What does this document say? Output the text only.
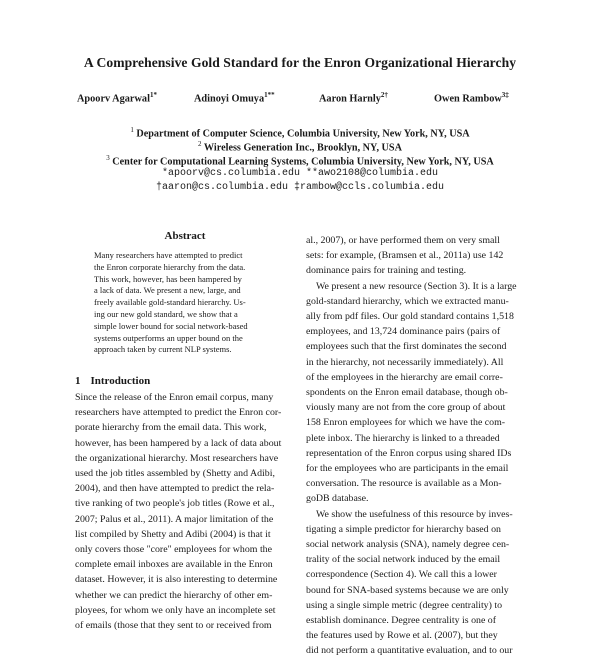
A Comprehensive Gold Standard for the Enron Organizational Hierarchy
Apoorv Agarwal$^{1*}$	Adinoyi Omuya$^{1**}$	Aaron Harnly$^{2\dagger}$	Owen Rambow$^{3\ddagger}$
$^1$ Department of Computer Science, Columbia University, New York, NY, USA
$^2$ Wireless Generation Inc., Brooklyn, NY, USA
$^3$ Center for Computational Learning Systems, Columbia University, New York, NY, USA
*apoorv@cs.columbia.edu **awo2108@columbia.edu
†aaron@cs.columbia.edu ‡rambow@ccls.columbia.edu
Abstract
Many researchers have attempted to predict
the Enron corporate hierarchy from the data.
This work, however, has been hampered by
a lack of data. We present a new, large, and
freely available gold-standard hierarchy. Us-
ing our new gold standard, we show that a
simple lower bound for social network-based
systems outperforms an upper bound on the
approach taken by current NLP systems.
1 Introduction
Since the release of the Enron email corpus, many
researchers have attempted to predict the Enron cor-
porate hierarchy from the email data. This work,
however, has been hampered by a lack of data about
the organizational hierarchy. Most researchers have
used the job titles assembled by (Shetty and Adibi,
2004), and then have attempted to predict the rela-
tive ranking of two people's job titles (Rowe et al.,
2007; Palus et al., 2011). A major limitation of the
list compiled by Shetty and Adibi (2004) is that it
only covers those "core" employees for whom the
complete email inboxes are available in the Enron
dataset. However, it is also interesting to determine
whether we can predict the hierarchy of other em-
ployees, for whom we only have an incomplete set
of emails (those that they sent to or received from
al., 2007), or have performed them on very small
sets: for example, (Bramsen et al., 2011a) use 142
dominance pairs for training and testing.
We present a new resource (Section 3). It is a large
gold-standard hierarchy, which we extracted manu-
ally from pdf files. Our gold standard contains 1,518
employees, and 13,724 dominance pairs (pairs of
employees such that the first dominates the second
in the hierarchy, not necessarily immediately). All
of the employees in the hierarchy are email corre-
spondents on the Enron email database, though ob-
viously many are not from the core group of about
158 Enron employees for which we have the com-
plete inbox. The hierarchy is linked to a threaded
representation of the Enron corpus using shared IDs
for the employees who are participants in the email
conversation. The resource is available as a Mon-
goDB database.
We show the usefulness of this resource by inves-
tigating a simple predictor for hierarchy based on
social network analysis (SNA), namely degree cen-
trality of the social network induced by the email
correspondence (Section 4). We call this a lower
bound for SNA-based systems because we are only
using a single simple metric (degree centrality) to
establish dominance. Degree centrality is one of
the features used by Rowe et al. (2007), but they
did not perform a quantitative evaluation, and to our
